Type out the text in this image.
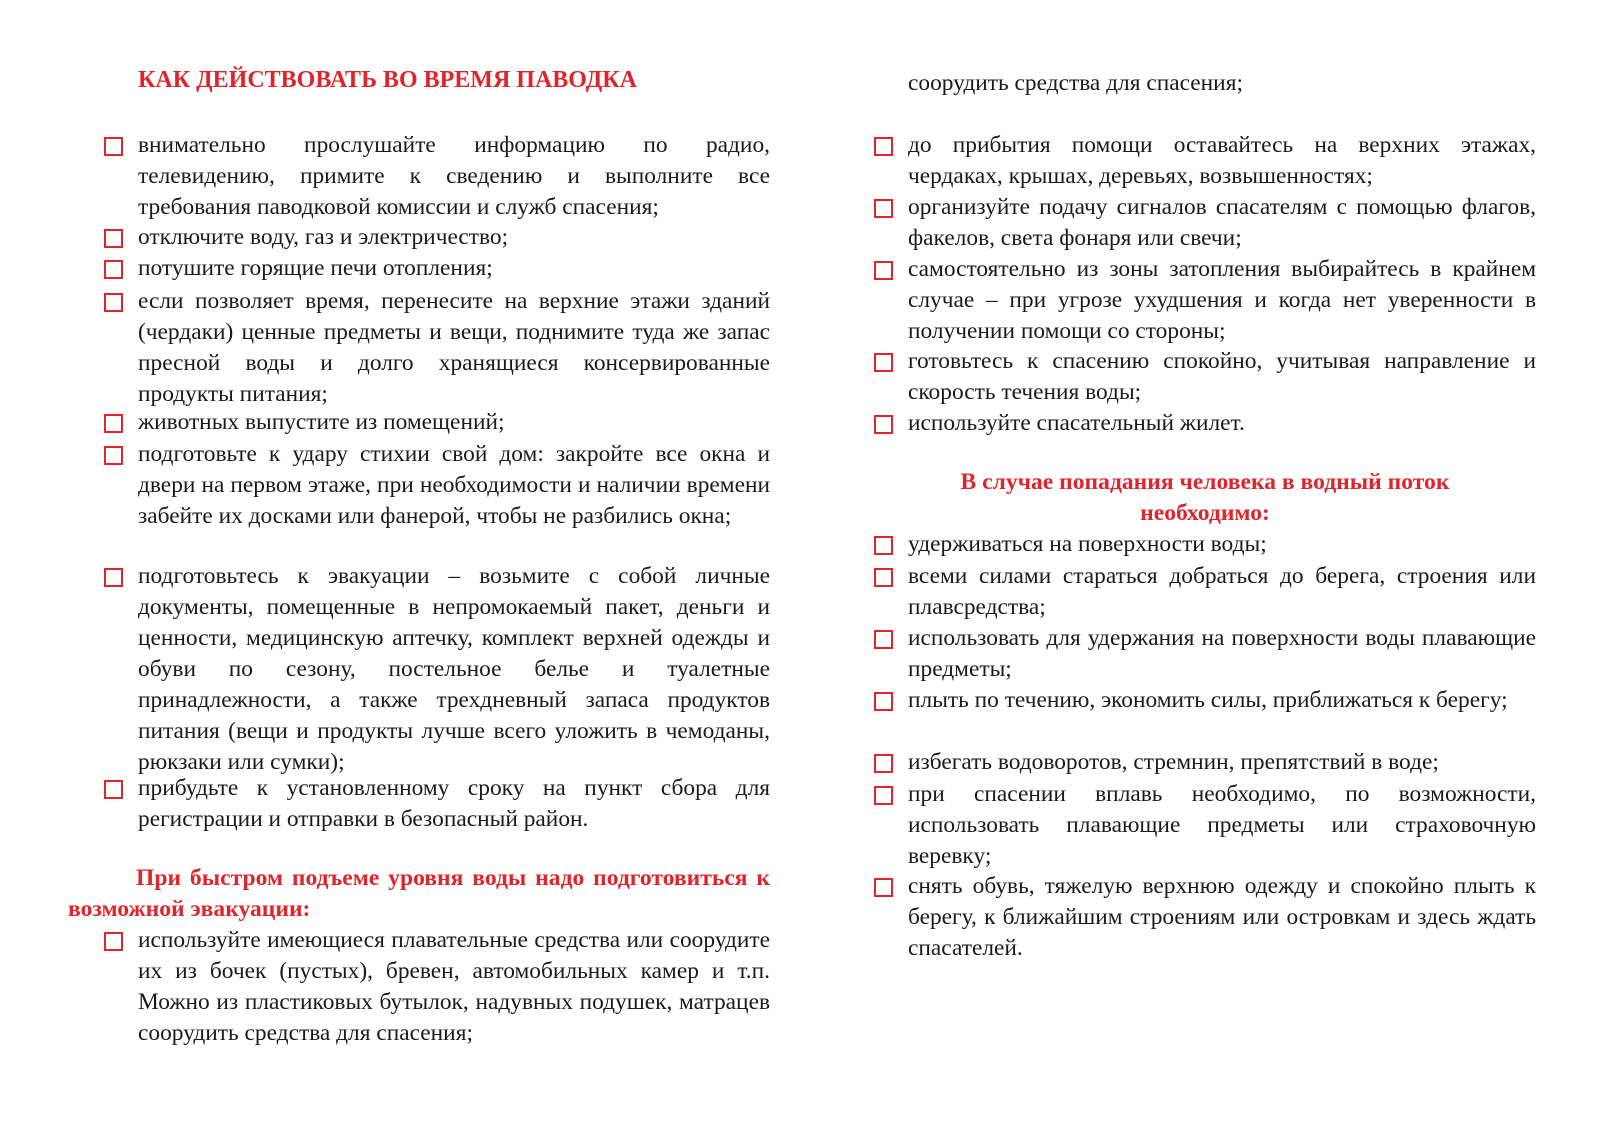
КАК ДЕЙСТВОВАТЬ ВО ВРЕМЯ ПАВОДКА

внимательно прослушайте информацию по радио, телевидению, примите к сведению и выполните все требования паводковой комиссии и служб спасения;

отключите воду, газ и электричество;

потушите горящие печи отопления;

если позволяет время, перенесите на верхние этажи зданий (чердаки) ценные предметы и вещи, поднимите туда же запас пресной воды и долго хранящиеся консервированные продукты питания;

животных выпустите из помещений;

подготовьте к удару стихии свой дом: закройте все окна и двери на первом этаже, при необходимости и наличии времени забейте их досками или фанерой, чтобы не разбились окна;

подготовьтесь к эвакуации – возьмите с собой личные документы, помещенные в непромокаемый пакет, деньги и ценности, медицинскую аптечку, комплект верхней одежды и обуви по сезону, постельное белье и туалетные принадлежности, а также трехдневный запаса продуктов питания (вещи и продукты лучше всего уложить в чемоданы, рюкзаки или сумки);

прибудьте к установленному сроку на пункт сбора для регистрации и отправки в безопасный район.

При быстром подъеме уровня воды надо подготовиться к возможной эвакуации:

используйте имеющиеся плавательные средства или соорудите их из бочек (пустых), бревен, автомобильных камер и т.п. Можно из пластиковых бутылок, надувных подушек, матрацев соорудить средства для спасения;

соорудить средства для спасения;

до прибытия помощи оставайтесь на верхних этажах, чердаках, крышах, деревьях, возвышенностях;

организуйте подачу сигналов спасателям с помощью флагов, факелов, света фонаря или свечи;

самостоятельно из зоны затопления выбирайтесь в крайнем случае – при угрозе ухудшения и когда нет уверенности в получении помощи со стороны;

готовьтесь к спасению спокойно, учитывая направление и скорость течения воды;

используйте спасательный жилет.

В случае попадания человека в водный поток
необходимо:

удерживаться на поверхности воды;

всеми силами стараться добраться до берега, строения или плавсредства;

использовать для удержания на поверхности воды плавающие предметы;

плыть по течению, экономить силы, приближаться к берегу;

избегать водоворотов, стремнин, препятствий в воде;

при спасении вплавь необходимо, по возможности, использовать плавающие предметы или страховочную веревку;

снять обувь, тяжелую верхнюю одежду и спокойно плыть к берегу, к ближайшим строениям или островкам и здесь ждать спасателей.
